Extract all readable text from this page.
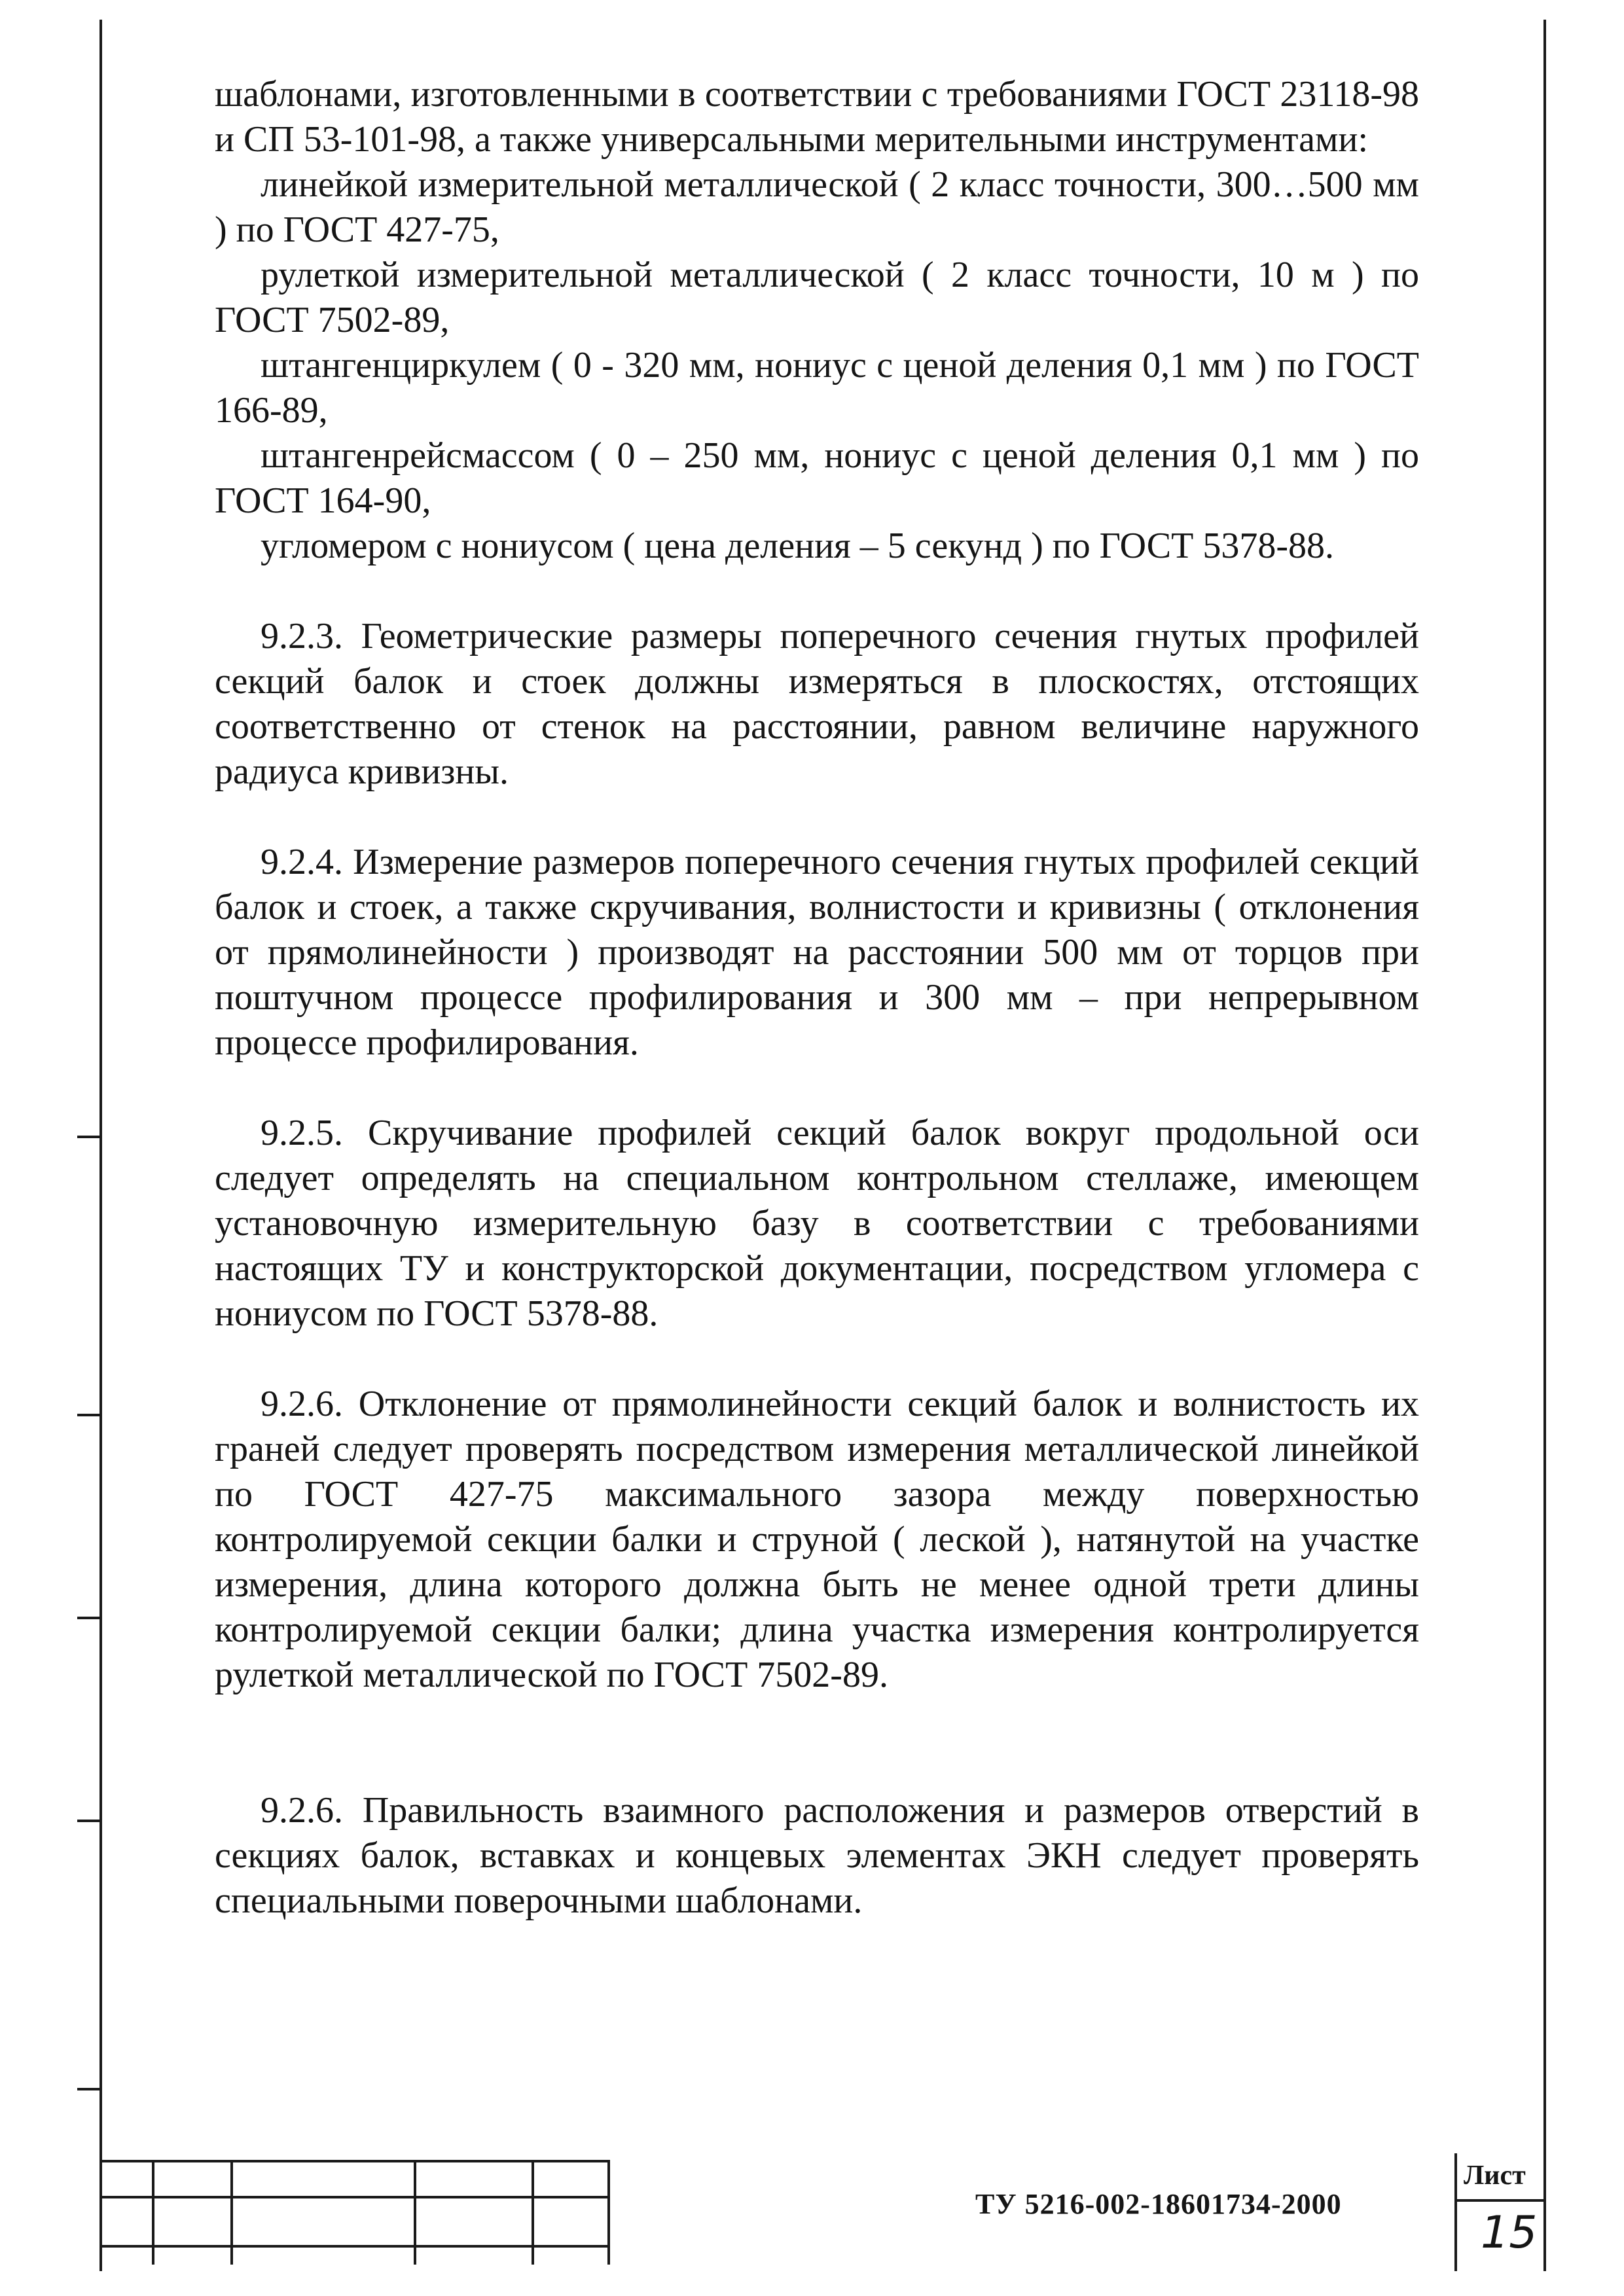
шаблонами, изготовленными в соответствии с требованиями ГОСТ 23118-98 и СП 53-101-98, а также универсальными мерительными инструментами:

линейкой измерительной металлической ( 2 класс точности, 300…500 мм ) по ГОСТ 427-75,

рулеткой измерительной металлической ( 2 класс точности, 10 м ) по ГОСТ 7502-89,

штангенциркулем ( 0 - 320 мм, нониус с ценой деления 0,1 мм ) по ГОСТ 166-89,

штангенрейсмассом ( 0 – 250 мм, нониус с ценой деления 0,1 мм ) по ГОСТ 164-90,

угломером с нониусом ( цена деления – 5 секунд ) по ГОСТ 5378-88.

9.2.3. Геометрические размеры поперечного сечения гнутых профилей секций балок и стоек должны измеряться в плоскостях, отстоящих соответственно от стенок на расстоянии, равном величине наружного радиуса кривизны.

9.2.4. Измерение размеров поперечного сечения гнутых профилей секций балок и стоек, а также скручивания, волнистости и кривизны ( отклонения от прямолинейности ) производят на расстоянии 500 мм от торцов при поштучном процессе профилирования и 300 мм – при непрерывном процессе профилирования.

9.2.5. Скручивание профилей секций балок вокруг продольной оси следует определять на специальном контрольном стеллаже, имеющем установочную измерительную базу в соответствии с требованиями настоящих ТУ и конструкторской документации, посредством угломера с нониусом по ГОСТ 5378-88.

9.2.6. Отклонение от прямолинейности секций балок и волнистость их граней следует проверять посредством измерения металлической линейкой по ГОСТ 427-75 максимального зазора между поверхностью контролируемой секции балки и струной ( леской ), натянутой на участке измерения, длина которого должна быть не менее одной трети длины контролируемой секции балки; длина участка измерения контролируется рулеткой металлической по ГОСТ 7502-89.

9.2.6. Правильность взаимного расположения и размеров отверстий в секциях балок, вставках и концевых элементах ЭКН следует проверять специальными поверочными шаблонами.

ТУ 5216-002-18601734-2000
Лист
15
